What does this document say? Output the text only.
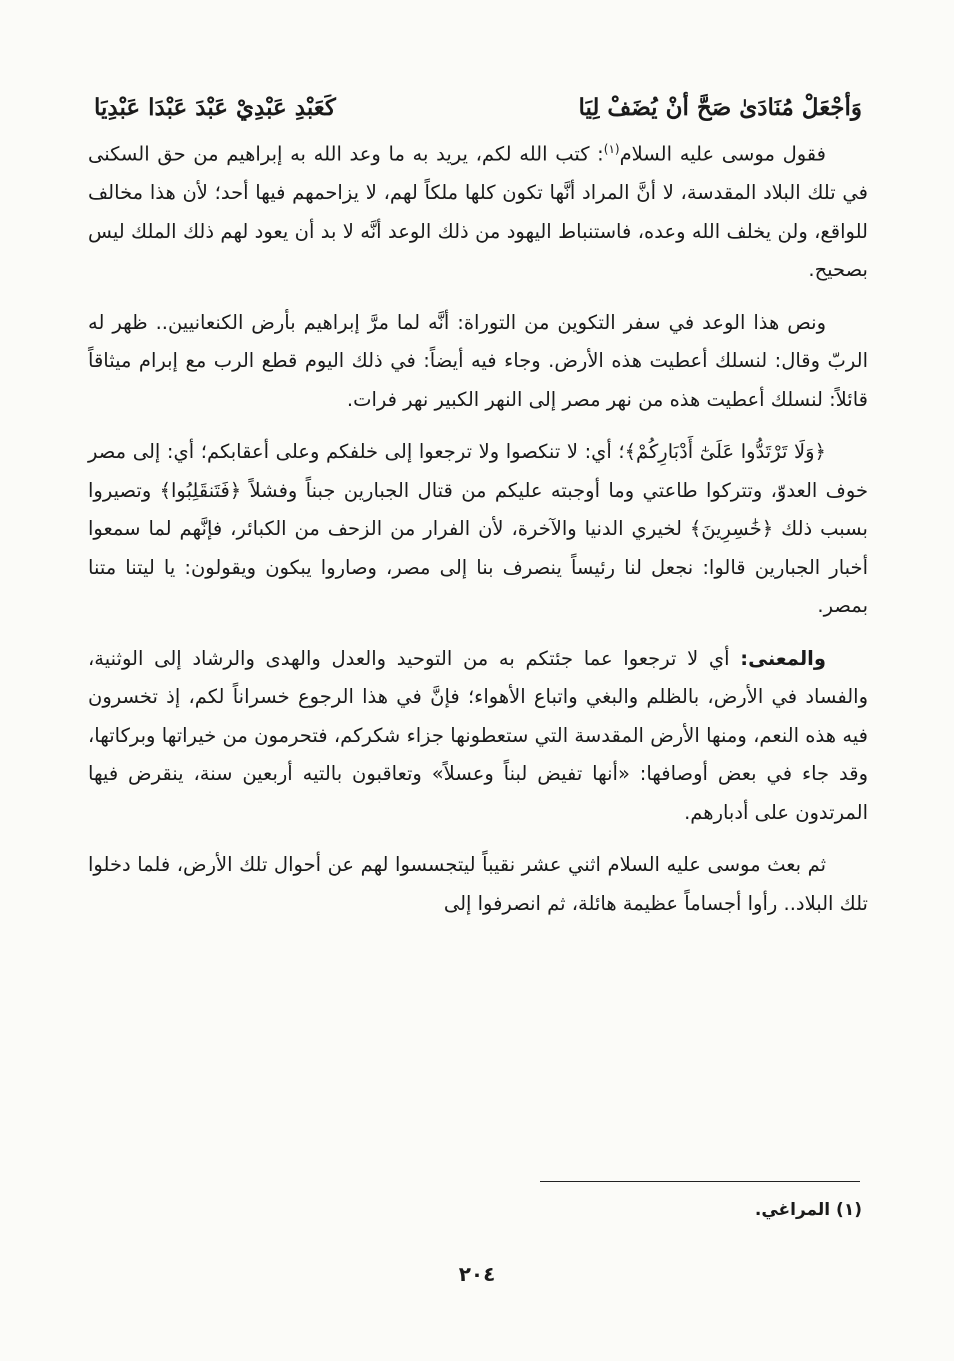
وَأجْعَلْ مُنَادَىٰ صَحَّ أنْ يُضَفْ لِيَا
كَعَبْدِ عَبْدِيْ عَبْدَ عَبْدَا عَبْدِيَا

فقول موسى عليه السلام$^{(١)}$: كتب الله لكم، يريد به ما وعد الله به إبراهيم من حق السكنى في تلك البلاد المقدسة، لا أنَّ المراد أنَّها تكون كلها ملكاً لهم، لا يزاحمهم فيها أحد؛ لأن هذا مخالف للواقع، ولن يخلف الله وعده، فاستنباط اليهود من ذلك الوعد أنَّه لا بد أن يعود لهم ذلك الملك ليس بصحيح.

ونص هذا الوعد في سفر التكوين من التوراة: أنَّه لما مرَّ إبراهيم بأرض الكنعانيين.. ظهر له الربّ وقال: لنسلك أعطيت هذه الأرض. وجاء فيه أيضاً: في ذلك اليوم قطع الرب مع إبرام ميثاقاً قائلاً: لنسلك أعطيت هذه من نهر مصر إلى النهر الكبير نهر فرات.

﴿وَلَا تَرْتَدُّوا عَلَىٰٓ أَدْبَارِكُمْ﴾؛ أي: لا تنكصوا ولا ترجعوا إلى خلفكم وعلى أعقابكم؛ أي: إلى مصر خوف العدوّ، وتتركوا طاعتي وما أوجبته عليكم من قتال الجبارين جبناً وفشلاً ﴿فَتَنقَلِبُوا﴾ وتصيروا بسبب ذلك ﴿خَٰسِرِينَ﴾ لخيري الدنيا والآخرة، لأن الفرار من الزحف من الكبائر، فإنَّهم لما سمعوا أخبار الجبارين قالوا: نجعل لنا رئيساً ينصرف بنا إلى مصر، وصاروا يبكون ويقولون: يا ليتنا متنا بمصر.

والمعنى: أي لا ترجعوا عما جئتكم به من التوحيد والعدل والهدى والرشاد إلى الوثنية، والفساد في الأرض، بالظلم والبغي واتباع الأهواء؛ فإنَّ في هذا الرجوع خسراناً لكم، إذ تخسرون فيه هذه النعم، ومنها الأرض المقدسة التي ستعطونها جزاء شكركم، فتحرمون من خيراتها وبركاتها، وقد جاء في بعض أوصافها: «أنها تفيض لبناً وعسلاً» وتعاقبون بالتيه أربعين سنة، ينقرض فيها المرتدون على أدبارهم.

ثم بعث موسى عليه السلام اثني عشر نقيباً ليتجسسوا لهم عن أحوال تلك الأرض، فلما دخلوا تلك البلاد.. رأوا أجساماً عظيمة هائلة، ثم انصرفوا إلى

(١) المراغي.
٢٠٤
